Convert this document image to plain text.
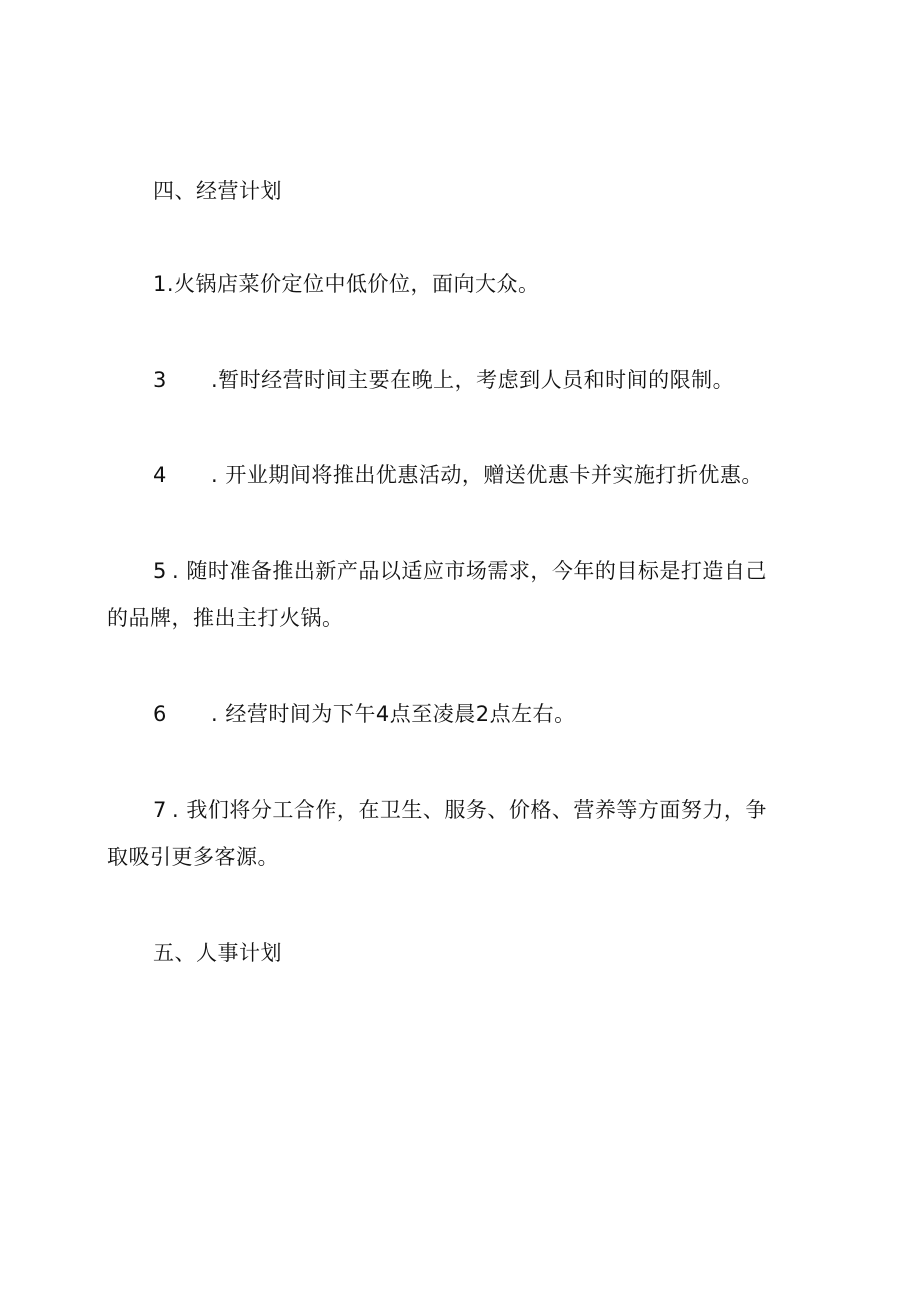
四、经营计划
1.火锅店菜价定位中低价位，面向大众。
3 .暂时经营时间主要在晚上，考虑到人员和时间的限制。
4 . 开业期间将推出优惠活动，赠送优惠卡并实施打折优惠。
5 . 随时准备推出新产品以适应市场需求，今年的目标是打造自己
的品牌，推出主打火锅。
6 . 经营时间为下午4点至凌晨2点左右。
7 . 我们将分工合作，在卫生、服务、价格、营养等方面努力，争
取吸引更多客源。
五、人事计划
